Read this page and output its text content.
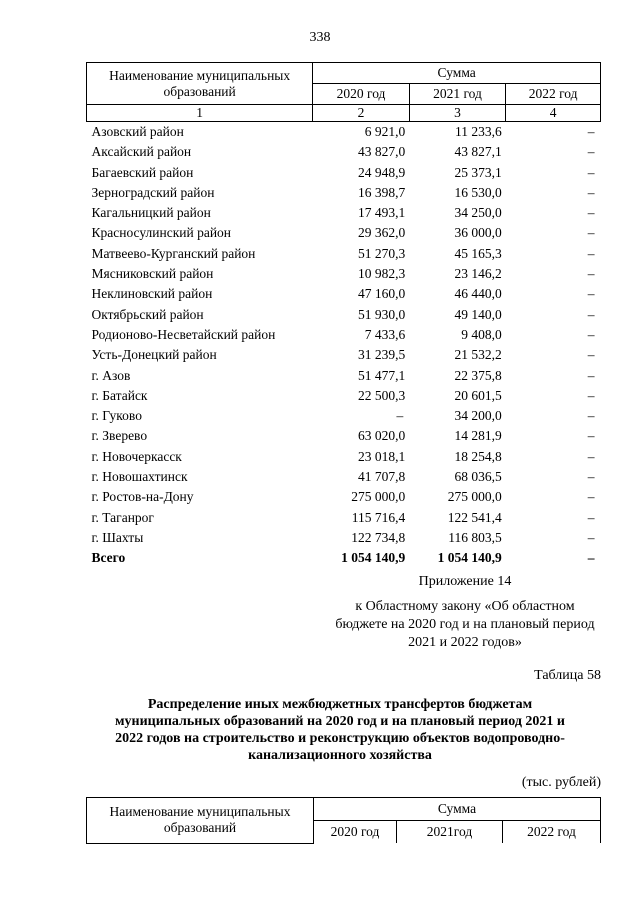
338
Наименование муниципальных образований	Сумма		
	2020 год	2021 год	2022 год
1	2	3	4
Азовский район	6 921,0	11 233,6	–
Аксайский район	43 827,0	43 827,1	–
Багаевский район	24 948,9	25 373,1	–
Зерноградский район	16 398,7	16 530,0	–
Кагальницкий район	17 493,1	34 250,0	–
Красносулинский район	29 362,0	36 000,0	–
Матвеево-Курганский район	51 270,3	45 165,3	–
Мясниковский район	10 982,3	23 146,2	–
Неклиновский район	47 160,0	46 440,0	–
Октябрьский район	51 930,0	49 140,0	–
Родионово-Несветайский район	7 433,6	9 408,0	–
Усть-Донецкий район	31 239,5	21 532,2	–
г. Азов	51 477,1	22 375,8	–
г. Батайск	22 500,3	20 601,5	–
г. Гуково	–	34 200,0	–
г. Зверево	63 020,0	14 281,9	–
г. Новочеркасск	23 018,1	18 254,8	–
г. Новошахтинск	41 707,8	68 036,5	–
г. Ростов-на-Дону	275 000,0	275 000,0	–
г. Таганрог	115 716,4	122 541,4	–
г. Шахты	122 734,8	116 803,5	–
Всего	1 054 140,9	1 054 140,9	–
Приложение 14
к Областному закону «Об областном бюджете на 2020 год и на плановый период 2021 и 2022 годов»
Таблица 58
Распределение иных межбюджетных трансфертов бюджетам муниципальных образований на 2020 год и на плановый период 2021 и 2022 годов на строительство и реконструкцию объектов водопроводно-канализационного хозяйства
(тыс. рублей)
Наименование муниципальных образований	Сумма		
	2020 год	2021год	2022 год
